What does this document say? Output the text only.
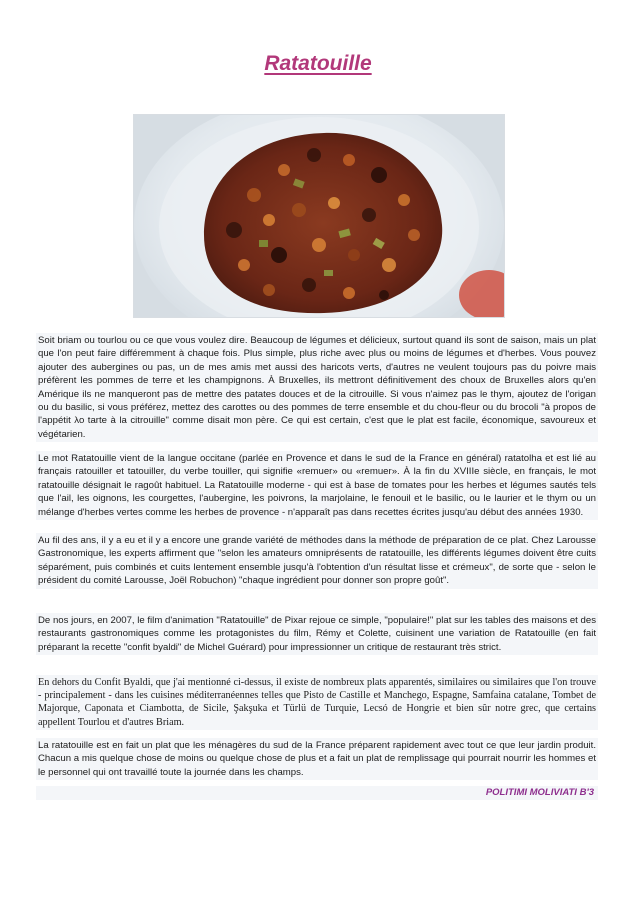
Ratatouille

Soit briam ou tourlou ou ce que vous voulez dire. Beaucoup de légumes et délicieux, surtout quand ils sont de saison, mais un plat que l'on peut faire différemment à chaque fois. Plus simple, plus riche avec plus ou moins de légumes et d'herbes. Vous pouvez ajouter des aubergines ou pas, un de mes amis met aussi des haricots verts, d'autres ne veulent toujours pas du poivre mais préfèrent les pommes de terre et les champignons. À Bruxelles, ils mettront définitivement des choux de Bruxelles alors qu'en Amérique ils ne manqueront pas de mettre des patates douces et de la citrouille. Si vous n'aimez pas le thym, ajoutez de l'origan ou du basilic, si vous préférez, mettez des carottes ou des pommes de terre ensemble et du chou-fleur ou du brocoli "à propos de l'appétit λο tarte à la citrouille" comme disait mon père. Ce qui est certain, c'est que le plat est facile, économique, savoureux et végétarien.

Le mot Ratatouille vient de la langue occitane (parlée en Provence et dans le sud de la France en général) ratatolha et est lié au français ratouiller et tatouiller, du verbe touiller, qui signifie «remuer» ou «remuer». À la fin du XVIIIe siècle, en français, le mot ratatouille désignait le ragoût habituel. La Ratatouille moderne - qui est à base de tomates pour les herbes et légumes sautés tels que l'ail, les oignons, les courgettes, l'aubergine, les poivrons, la marjolaine, le fenouil et le basilic, ou le laurier et le thym ou un mélange d'herbes vertes comme les herbes de provence - n'apparaît pas dans recettes écrites jusqu'au début des années 1930.

Au fil des ans, il y a eu et il y a encore une grande variété de méthodes dans la méthode de préparation de ce plat. Chez Larousse Gastronomique, les experts affirment que "selon les amateurs omniprésents de ratatouille, les différents légumes doivent être cuits séparément, puis combinés et cuits lentement ensemble jusqu'à l'obtention d'un résultat lisse et crémeux", de sorte que - selon le président du comité Larousse, Joël Robuchon) "chaque ingrédient pour donner son propre goût".

De nos jours, en 2007, le film d'animation "Ratatouille" de Pixar rejoue ce simple, "populaire!" plat sur les tables des maisons et des restaurants gastronomiques comme les protagonistes du film, Rémy et Colette, cuisinent une variation de Ratatouille (en fait préparant la recette "confit byaldi" de Michel Guérard) pour impressionner un critique de restaurant très strict.

En dehors du Confit Byaldi, que j'ai mentionné ci-dessus, il existe de nombreux plats apparentés, similaires ou similaires que l'on trouve - principalement - dans les cuisines méditerranéennes telles que Pisto de Castille et Manchego, Espagne, Samfaina catalane, Tombet de Majorque, Caponata et Ciambotta, de Sicile, Şakşuka et Türlü de Turquie, Lecsó de Hongrie et bien sûr notre grec, que certains appellent Tourlou et d'autres Briam.

La ratatouille est en fait un plat que les ménagères du sud de la France préparent rapidement avec tout ce que leur jardin produit. Chacun a mis quelque chose de moins ou quelque chose de plus et a fait un plat de remplissage qui pourrait nourrir les hommes et le personnel qui ont travaillé toute la journée dans les champs.

POLITIMI MOLIVIATI B'3
